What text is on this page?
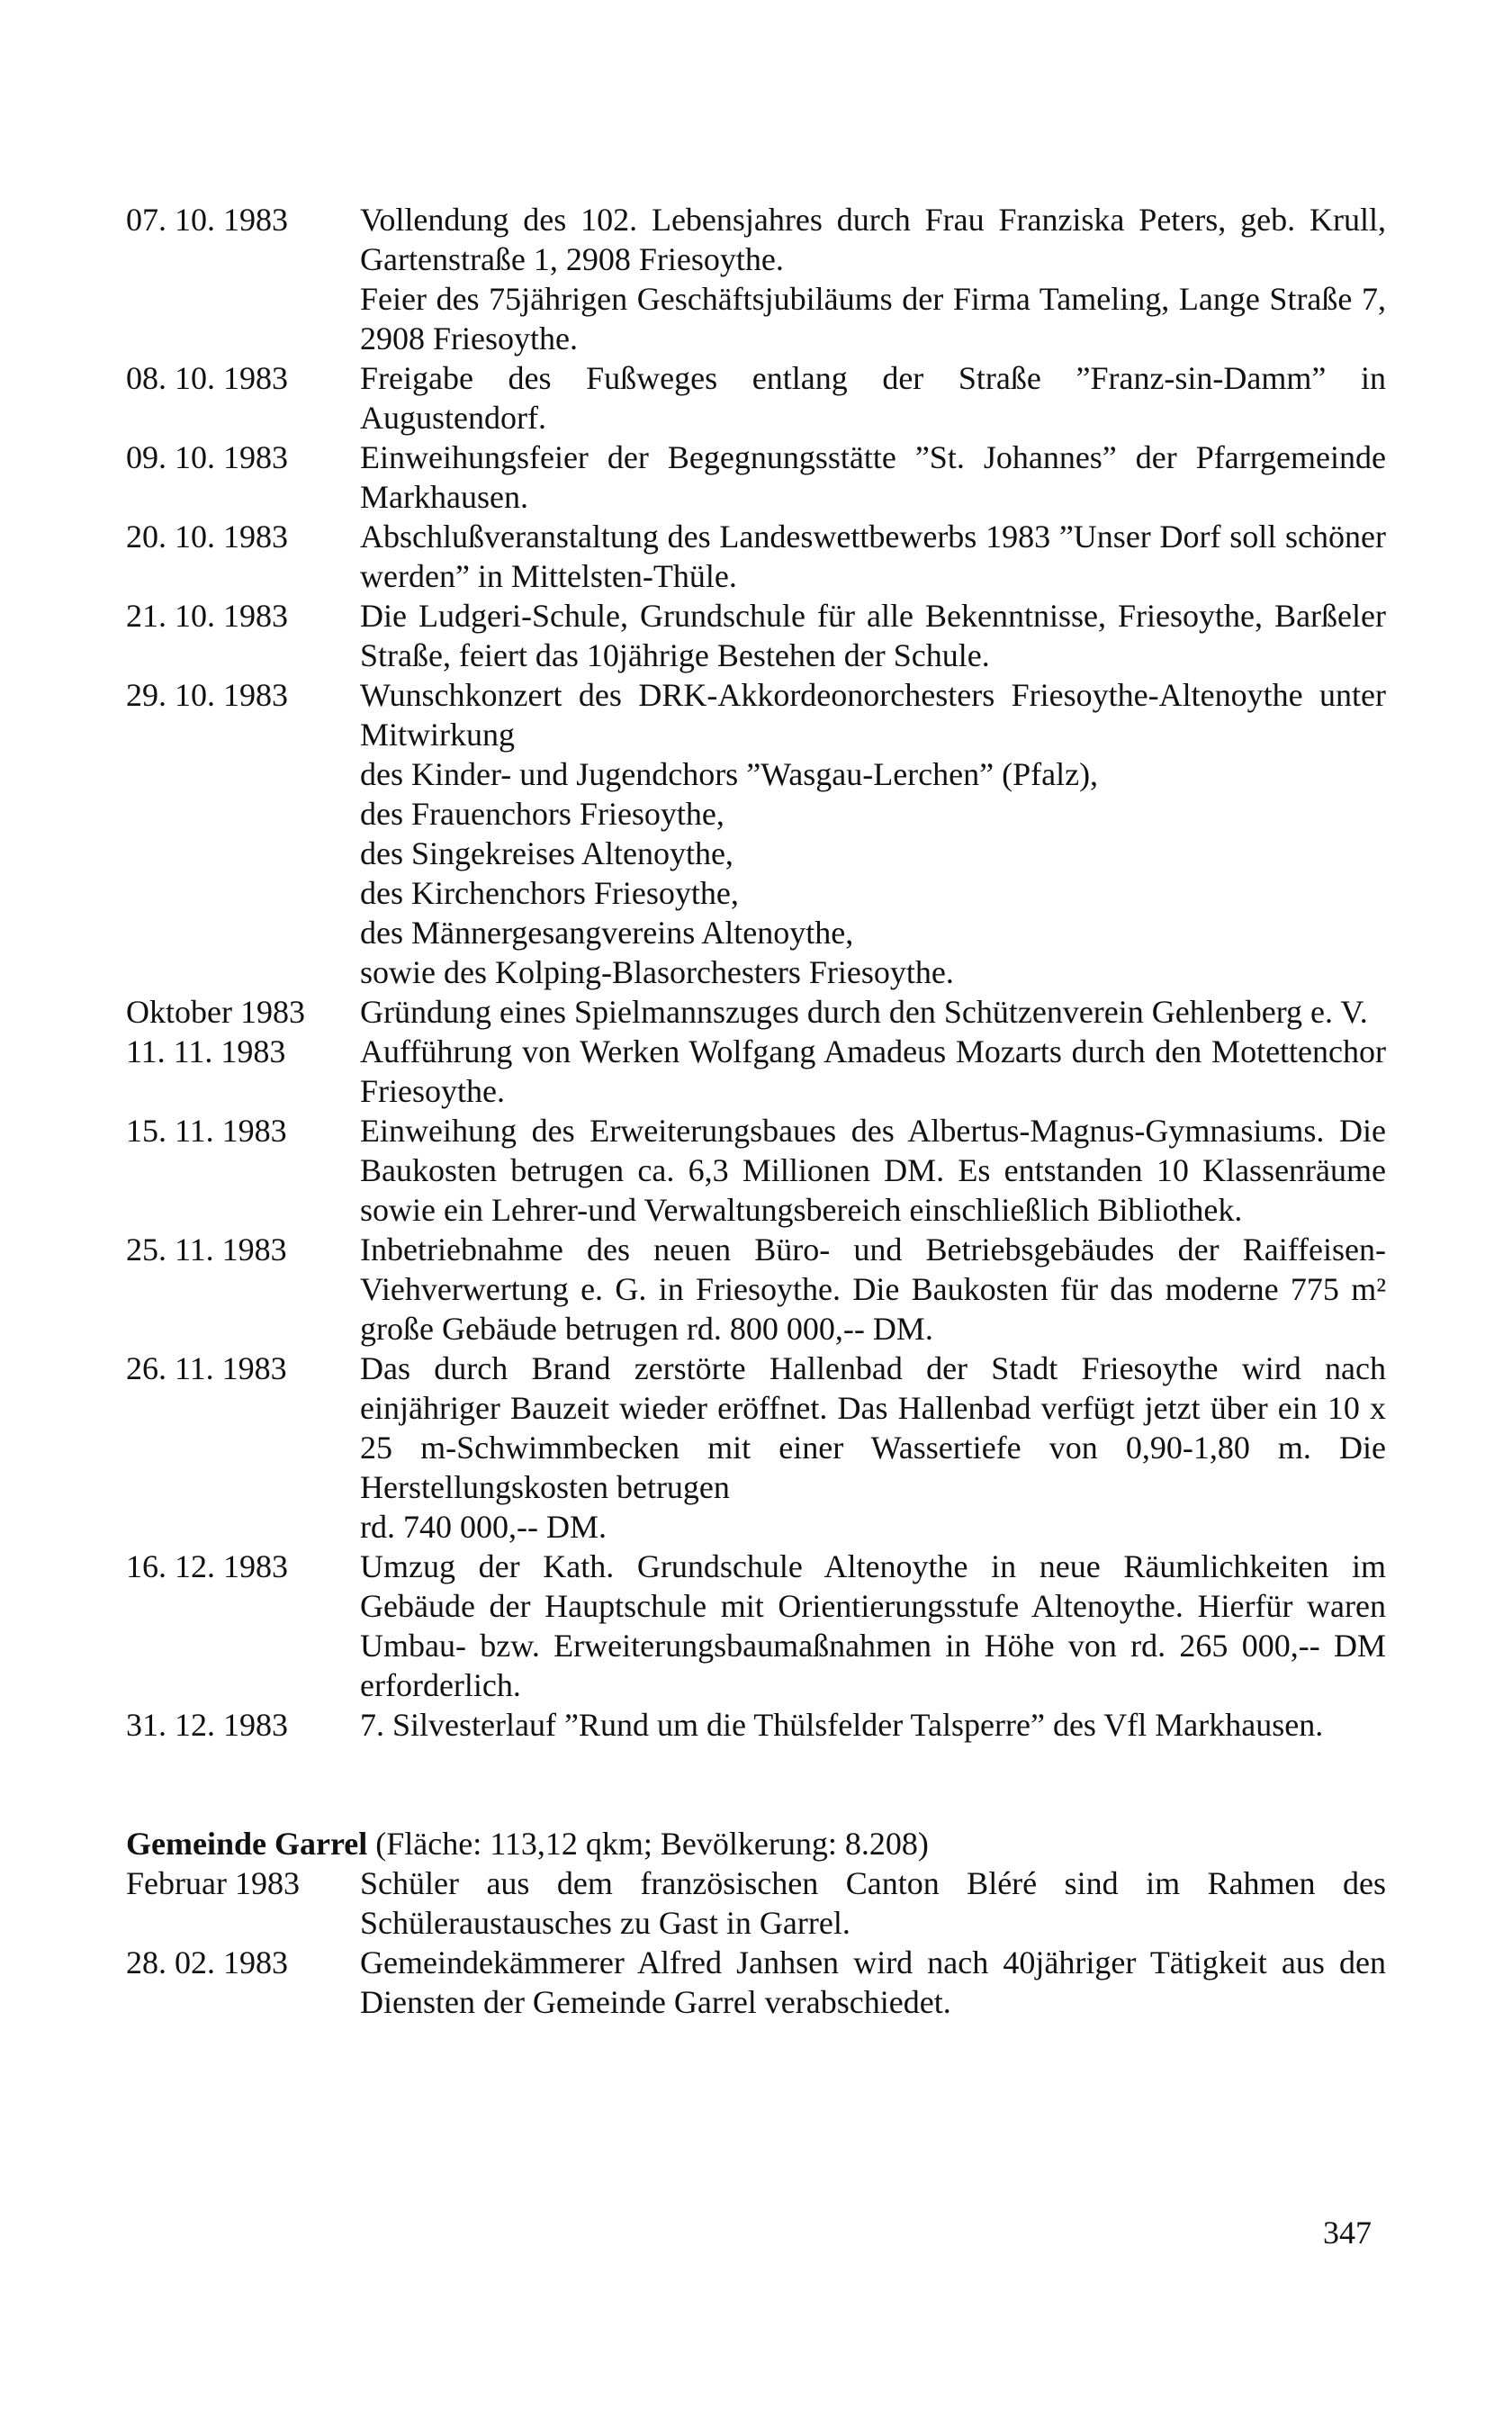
07. 10. 1983	Vollendung des 102. Lebensjahres durch Frau Franziska Peters, geb. Krull, Gartenstraße 1, 2908 Friesoythe.
Feier des 75jährigen Geschäftsjubiläums der Firma Tameling, Lange Straße 7, 2908 Friesoythe.
08. 10. 1983	Freigabe des Fußweges entlang der Straße ”Franz-sin-Damm” in Augustendorf.
09. 10. 1983	Einweihungsfeier der Begegnungsstätte ”St. Johannes” der Pfarrgemeinde Markhausen.
20. 10. 1983	Abschlußveranstaltung des Landeswettbewerbs 1983 ”Unser Dorf soll schöner werden” in Mittelsten-Thüle.
21. 10. 1983	Die Ludgeri-Schule, Grundschule für alle Bekenntnisse, Friesoythe, Barßeler Straße, feiert das 10jährige Bestehen der Schule.
29. 10. 1983	Wunschkonzert des DRK-Akkordeonorchesters Friesoythe-Altenoythe unter Mitwirkung
des Kinder- und Jugendchors ”Wasgau-Lerchen” (Pfalz),
des Frauenchors Friesoythe,
des Singekreises Altenoythe,
des Kirchenchors Friesoythe,
des Männergesangvereins Altenoythe,
sowie des Kolping-Blasorchesters Friesoythe.
Oktober 1983	Gründung eines Spielmannszuges durch den Schützenverein Gehlenberg e. V.
11. 11. 1983	Aufführung von Werken Wolfgang Amadeus Mozarts durch den Motettenchor Friesoythe.
15. 11. 1983	Einweihung des Erweiterungsbaues des Albertus-Magnus-Gymnasiums. Die Baukosten betrugen ca. 6,3 Millionen DM. Es entstanden 10 Klassenräume sowie ein Lehrer-und Verwaltungsbereich einschließlich Bibliothek.
25. 11. 1983	Inbetriebnahme des neuen Büro- und Betriebsgebäudes der Raiffeisen-Viehverwertung e. G. in Friesoythe. Die Baukosten für das moderne 775 m² große Gebäude betrugen rd. 800 000,-- DM.
26. 11. 1983	Das durch Brand zerstörte Hallenbad der Stadt Friesoythe wird nach einjähriger Bauzeit wieder eröffnet. Das Hallenbad verfügt jetzt über ein 10 x 25 m-Schwimmbecken mit einer Wassertiefe von 0,90-1,80 m. Die Herstellungskosten betrugen
rd. 740 000,-- DM.
16. 12. 1983	Umzug der Kath. Grundschule Altenoythe in neue Räumlichkeiten im Gebäude der Hauptschule mit Orientierungsstufe Altenoythe. Hierfür waren Umbau- bzw. Erweiterungsbaumaßnahmen in Höhe von rd. 265 000,-- DM erforderlich.
31. 12. 1983	7. Silvesterlauf ”Rund um die Thülsfelder Talsperre” des Vfl Markhausen.
Gemeinde Garrel (Fläche: 113,12 qkm; Bevölkerung: 8.208)
Februar 1983	Schüler aus dem französischen Canton Bléré sind im Rahmen des Schüleraustausches zu Gast in Garrel.
28. 02. 1983	Gemeindekämmerer Alfred Janhsen wird nach 40jähriger Tätigkeit aus den Diensten der Gemeinde Garrel verabschiedet.
347
